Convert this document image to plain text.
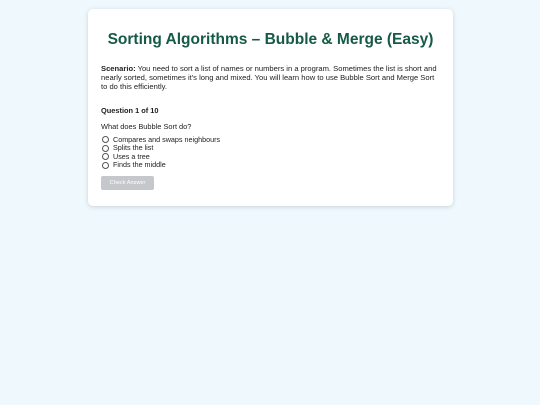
Sorting Algorithms – Bubble & Merge (Easy)

Scenario: You need to sort a list of names or numbers in a program. Sometimes the list is short and nearly sorted, sometimes it's long and mixed. You will learn how to use Bubble Sort and Merge Sort to do this efficiently.

Question 1 of 10

What does Bubble Sort do?

Compares and swaps neighbours
Splits the list
Uses a tree
Finds the middle
Check Answer
